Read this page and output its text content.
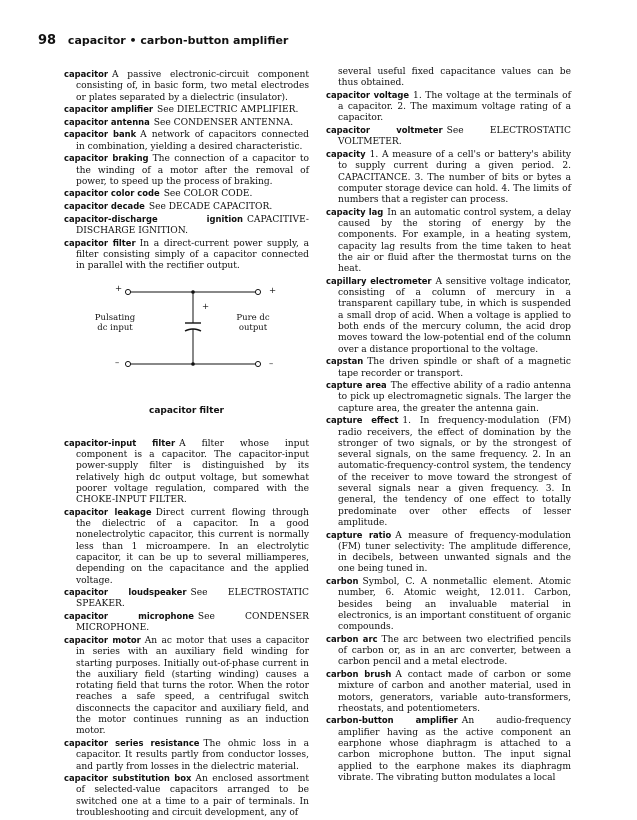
98 capacitor • carbon-button amplifier

capacitor A passive electronic-circuit component consisting of, in basic form, two metal electrodes or plates separated by a dielectric (insulator).

capacitor amplifier See DIELECTRIC AMPLIFIER.

capacitor antenna See CONDENSER ANTENNA.

capacitor bank A network of capacitors connected in combination, yielding a desired characteristic.

capacitor braking The connection of a capacitor to the winding of a motor after the removal of power, to speed up the process of braking.

capacitor color code See COLOR CODE.

capacitor decade See DECADE CAPACITOR.

capacitor-discharge ignition CAPACITIVE-DISCHARGE IGNITION.

capacitor filter In a direct-current power supply, a filter consisting simply of a capacitor connected in parallel with the rectifier output.

+	+
+
–	–
Pulsating dc input
Pure dc output
capacitor filter

capacitor-input filter A filter whose input component is a capacitor. The capacitor-input power-supply filter is distinguished by its relatively high dc output voltage, but somewhat poorer voltage regulation, compared with the CHOKE-INPUT FILTER.

capacitor leakage Direct current flowing through the dielectric of a capacitor. In a good nonelectrolytic capacitor, this current is normally less than 1 microampere. In an electrolytic capacitor, it can be up to several milliamperes, depending on the capacitance and the applied voltage.

capacitor loudspeaker See ELECTROSTATIC SPEAKER.

capacitor microphone See CONDENSER MICROPHONE.

capacitor motor An ac motor that uses a capacitor in series with an auxiliary field winding for starting purposes. Initially out-of-phase current in the auxiliary field (starting winding) causes a rotating field that turns the rotor. When the rotor reaches a safe speed, a centrifugal switch disconnects the capacitor and auxiliary field, and the motor continues running as an induction motor.

capacitor series resistance The ohmic loss in a capacitor. It results partly from conductor losses, and partly from losses in the dielectric material.

capacitor substitution box An enclosed assortment of selected-value capacitors arranged to be switched one at a time to a pair of terminals. In troubleshooting and circuit development, any of

several useful fixed capacitance values can be thus obtained.

capacitor voltage 1. The voltage at the terminals of a capacitor. 2. The maximum voltage rating of a capacitor.

capacitor voltmeter See ELECTROSTATIC VOLTMETER.

capacity 1. A measure of a cell's or battery's ability to supply current during a given period. 2. CAPACITANCE. 3. The number of bits or bytes a computer storage device can hold. 4. The limits of numbers that a register can process.

capacity lag In an automatic control system, a delay caused by the storing of energy by the components. For example, in a heating system, capacity lag results from the time taken to heat the air or fluid after the thermostat turns on the heat.

capillary electrometer A sensitive voltage indicator, consisting of a column of mercury in a transparent capillary tube, in which is suspended a small drop of acid. When a voltage is applied to both ends of the mercury column, the acid drop moves toward the low-potential end of the column over a distance proportional to the voltage.

capstan The driven spindle or shaft of a magnetic tape recorder or transport.

capture area The effective ability of a radio antenna to pick up electromagnetic signals. The larger the capture area, the greater the antenna gain.

capture effect 1. In frequency-modulation (FM) radio receivers, the effect of domination by the stronger of two signals, or by the strongest of several signals, on the same frequency. 2. In an automatic-frequency-control system, the tendency of the receiver to move toward the strongest of several signals near a given frequency. 3. In general, the tendency of one effect to totally predominate over other effects of lesser amplitude.

capture ratio A measure of frequency-modulation (FM) tuner selectivity: The amplitude difference, in decibels, between unwanted signals and the one being tuned in.

carbon Symbol, C. A nonmetallic element. Atomic number, 6. Atomic weight, 12.011. Carbon, besides being an invaluable material in electronics, is an important constituent of organic compounds.

carbon arc The arc between two electrified pencils of carbon or, as in an arc converter, between a carbon pencil and a metal electrode.

carbon brush A contact made of carbon or some mixture of carbon and another material, used in motors, generators, variable auto-transformers, rheostats, and potentiometers.

carbon-button amplifier An audio-frequency amplifier having as the active component an earphone whose diaphragm is attached to a carbon microphone button. The input signal applied to the earphone makes its diaphragm vibrate. The vibrating button modulates a local
